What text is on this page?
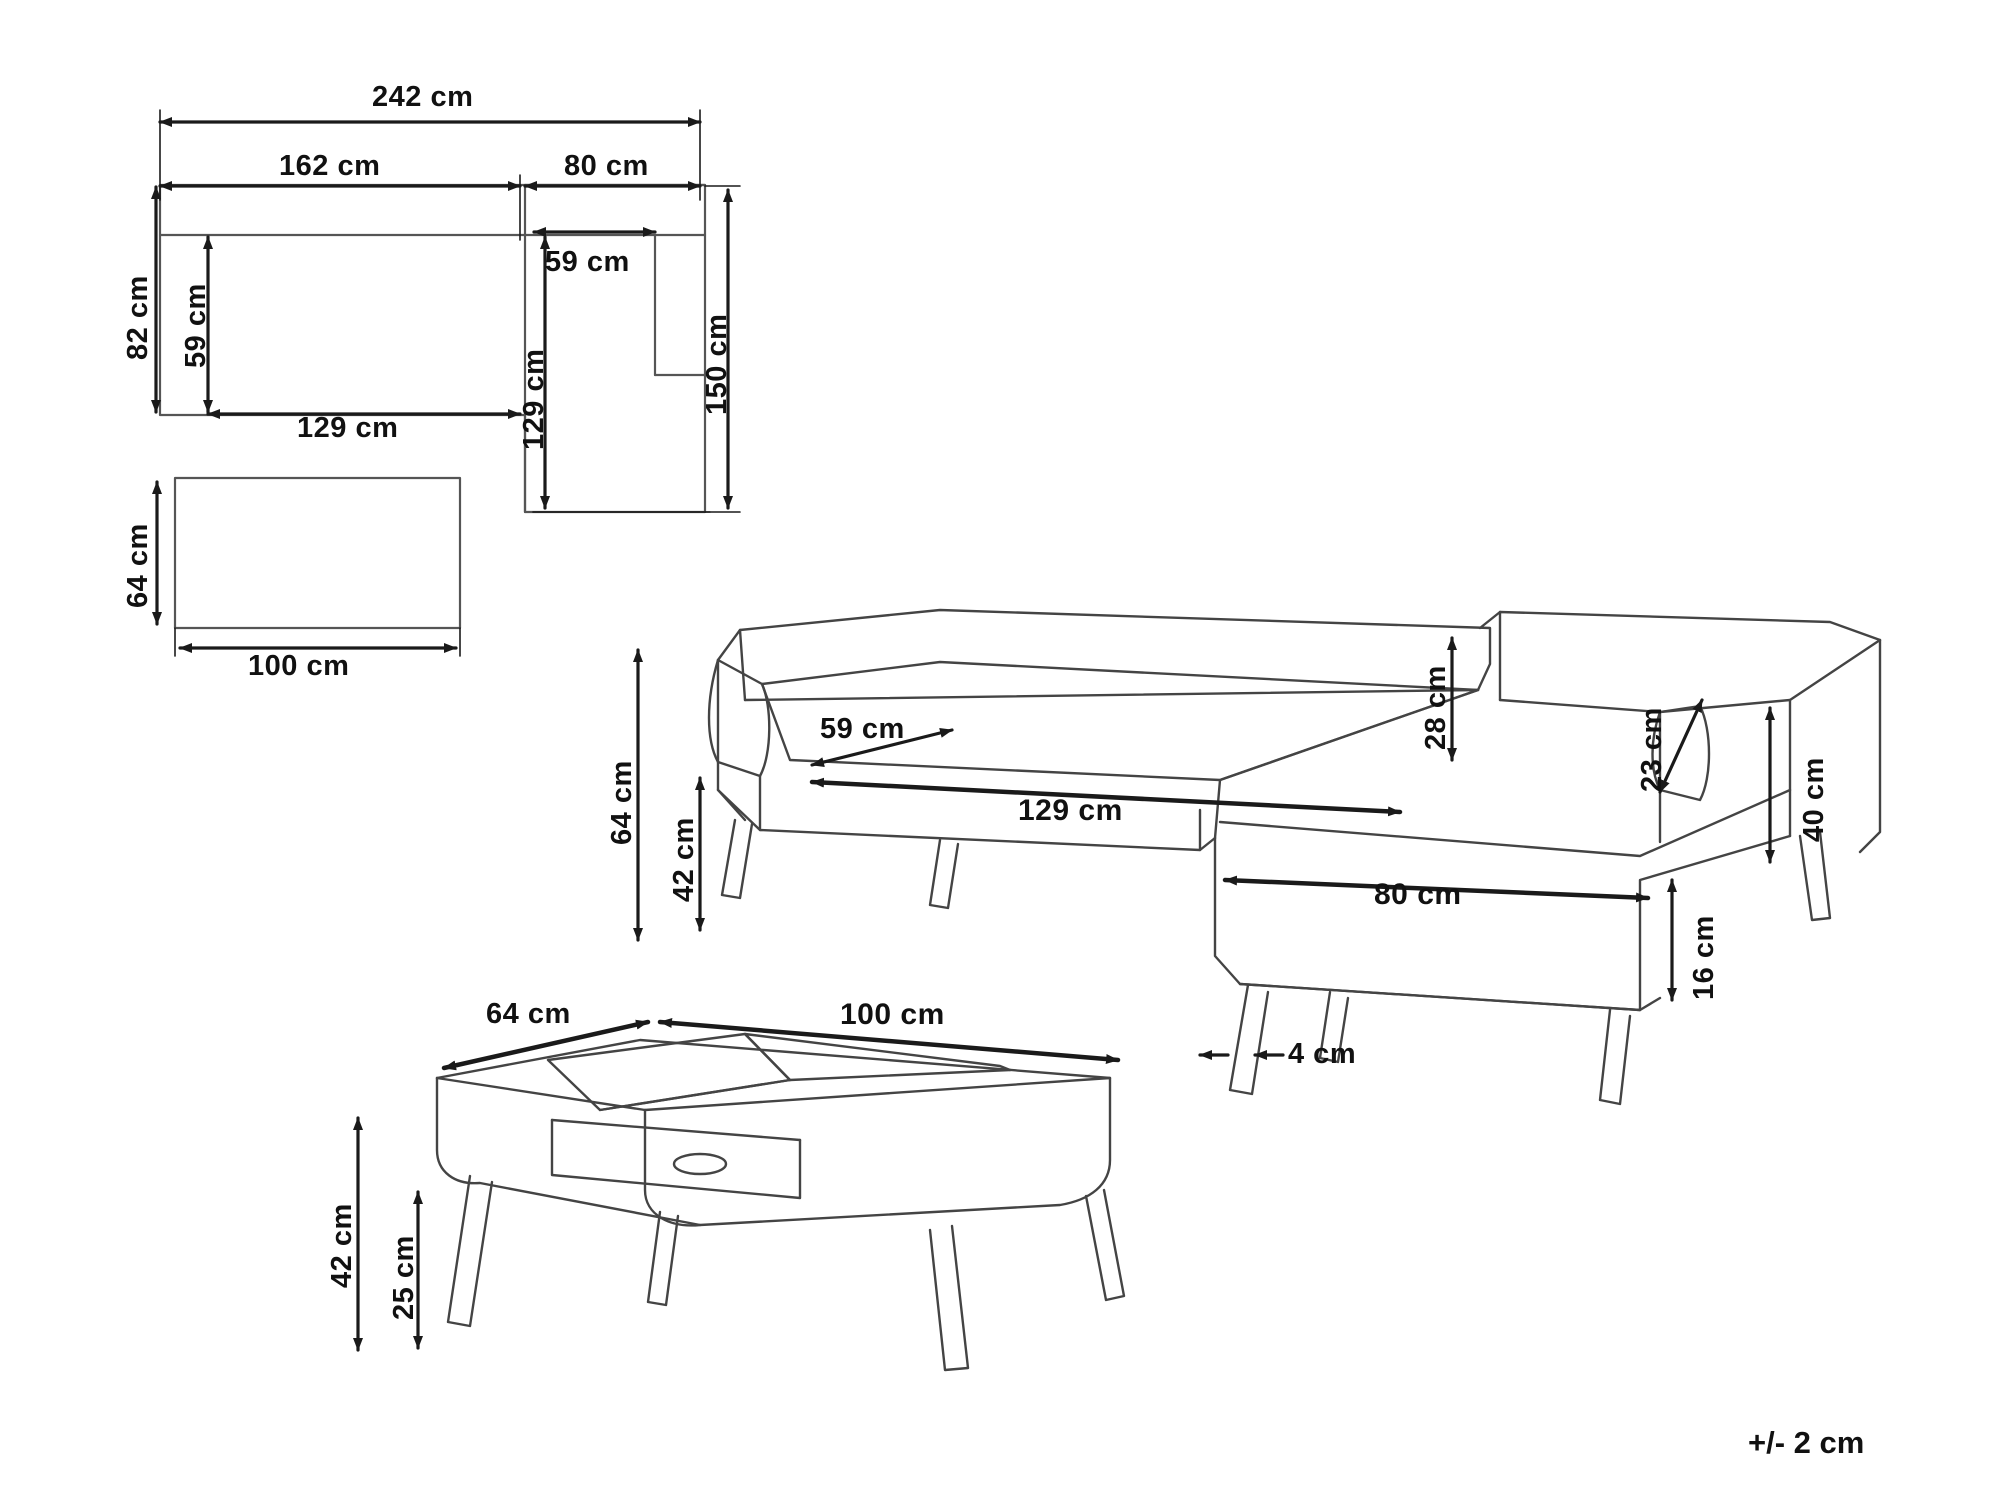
242 cm
162 cm	80 cm
59 cm
129 cm
82 cm 59 cm
129 cm	150 cm
64 cm
100 cm
64 cm
42 cm
59 cm
129 cm
28 cm	23 cm
80 cm
40 cm
16 cm
4 cm
64 cm	100 cm
42 cm 25 cm
+/- 2 cm
